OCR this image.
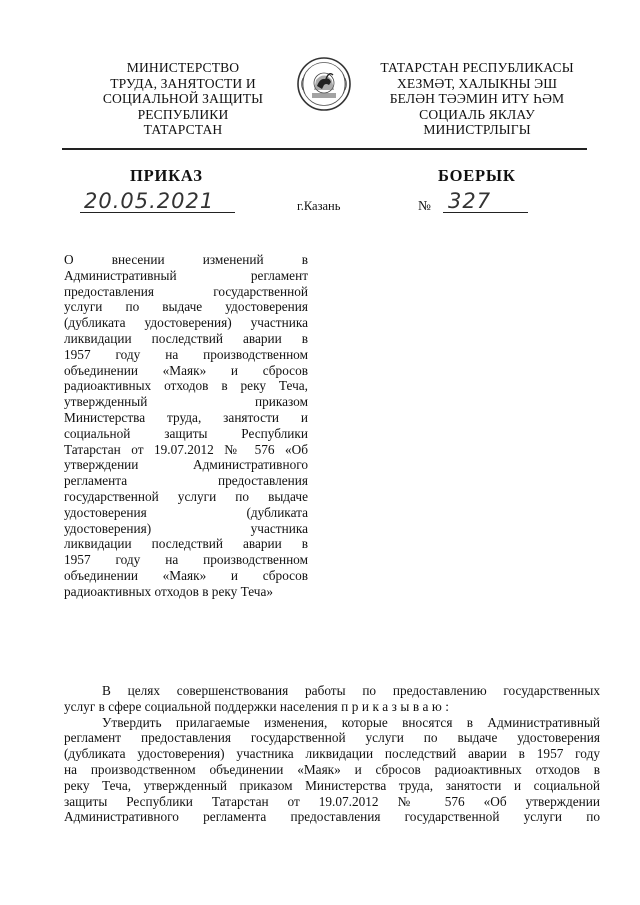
МИНИСТЕРСТВО
ТРУДА, ЗАНЯТОСТИ И
СОЦИАЛЬНОЙ ЗАЩИТЫ
РЕСПУБЛИКИ
ТАТАРСТАН
ТАТАРСТАН РЕСПУБЛИКАСЫ
ХЕЗМӘТ, ХАЛЫКНЫ ЭШ
БЕЛӘН ТӘЭМИН ИТҮ ҺӘМ
СОЦИАЛЬ ЯКЛАУ
МИНИСТРЛЫГЫ
ПРИКАЗ	БОЕРЫК
20.05.2021	г.Казань	№ 327
О внесении изменений в
Административный регламент
предоставления государственной
услуги по выдаче удостоверения
(дубликата удостоверения) участника
ликвидации последствий аварии в
1957 году на производственном
объединении «Маяк» и сбросов
радиоактивных отходов в реку Теча,
утвержденный приказом
Министерства труда, занятости и
социальной защиты Республики
Татарстан от 19.07.2012 № 576 «Об
утверждении Административного
регламента предоставления
государственной услуги по выдаче
удостоверения (дубликата
удостоверения) участника
ликвидации последствий аварии в
1957 году на производственном
объединении «Маяк» и сбросов
радиоактивных отходов в реку Теча»
В целях совершенствования работы по предоставлению государственных
услуг в сфере социальной поддержки населения приказываю:
Утвердить прилагаемые изменения, которые вносятся в Административный
регламент предоставления государственной услуги по выдаче удостоверения
(дубликата удостоверения) участника ликвидации последствий аварии в 1957 году
на производственном объединении «Маяк» и сбросов радиоактивных отходов в
реку Теча, утвержденный приказом Министерства труда, занятости и социальной
защиты Республики Татарстан от 19.07.2012 № 576 «Об утверждении
Административного регламента предоставления государственной услуги по
